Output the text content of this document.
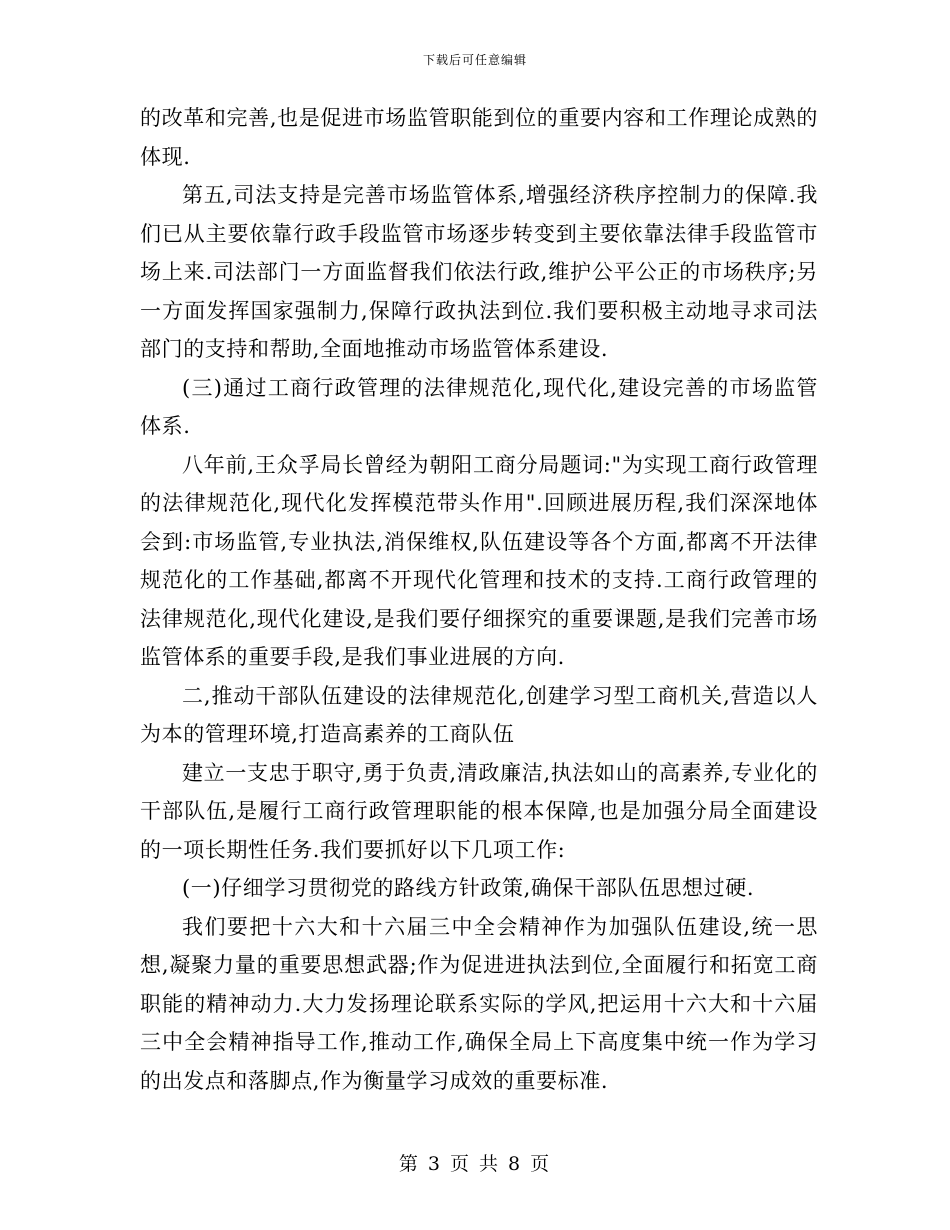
下载后可任意编辑

的改革和完善,也是促进市场监管职能到位的重要内容和工作理论成熟的体现.

第五,司法支持是完善市场监管体系,增强经济秩序控制力的保障.我们已从主要依靠行政手段监管市场逐步转变到主要依靠法律手段监管市场上来.司法部门一方面监督我们依法行政,维护公平公正的市场秩序;另一方面发挥国家强制力,保障行政执法到位.我们要积极主动地寻求司法部门的支持和帮助,全面地推动市场监管体系建设.

(三)通过工商行政管理的法律规范化,现代化,建设完善的市场监管体系.

八年前,王众孚局长曾经为朝阳工商分局题词:"为实现工商行政管理的法律规范化,现代化发挥模范带头作用".回顾进展历程,我们深深地体会到:市场监管,专业执法,消保维权,队伍建设等各个方面,都离不开法律规范化的工作基础,都离不开现代化管理和技术的支持.工商行政管理的法律规范化,现代化建设,是我们要仔细探究的重要课题,是我们完善市场监管体系的重要手段,是我们事业进展的方向.

二,推动干部队伍建设的法律规范化,创建学习型工商机关,营造以人为本的管理环境,打造高素养的工商队伍

建立一支忠于职守,勇于负责,清政廉洁,执法如山的高素养,专业化的干部队伍,是履行工商行政管理职能的根本保障,也是加强分局全面建设的一项长期性任务.我们要抓好以下几项工作:

(一)仔细学习贯彻党的路线方针政策,确保干部队伍思想过硬.

我们要把十六大和十六届三中全会精神作为加强队伍建设,统一思想,凝聚力量的重要思想武器;作为促进进执法到位,全面履行和拓宽工商职能的精神动力.大力发扬理论联系实际的学风,把运用十六大和十六届三中全会精神指导工作,推动工作,确保全局上下高度集中统一作为学习的出发点和落脚点,作为衡量学习成效的重要标准.

第 3 页 共 8 页
